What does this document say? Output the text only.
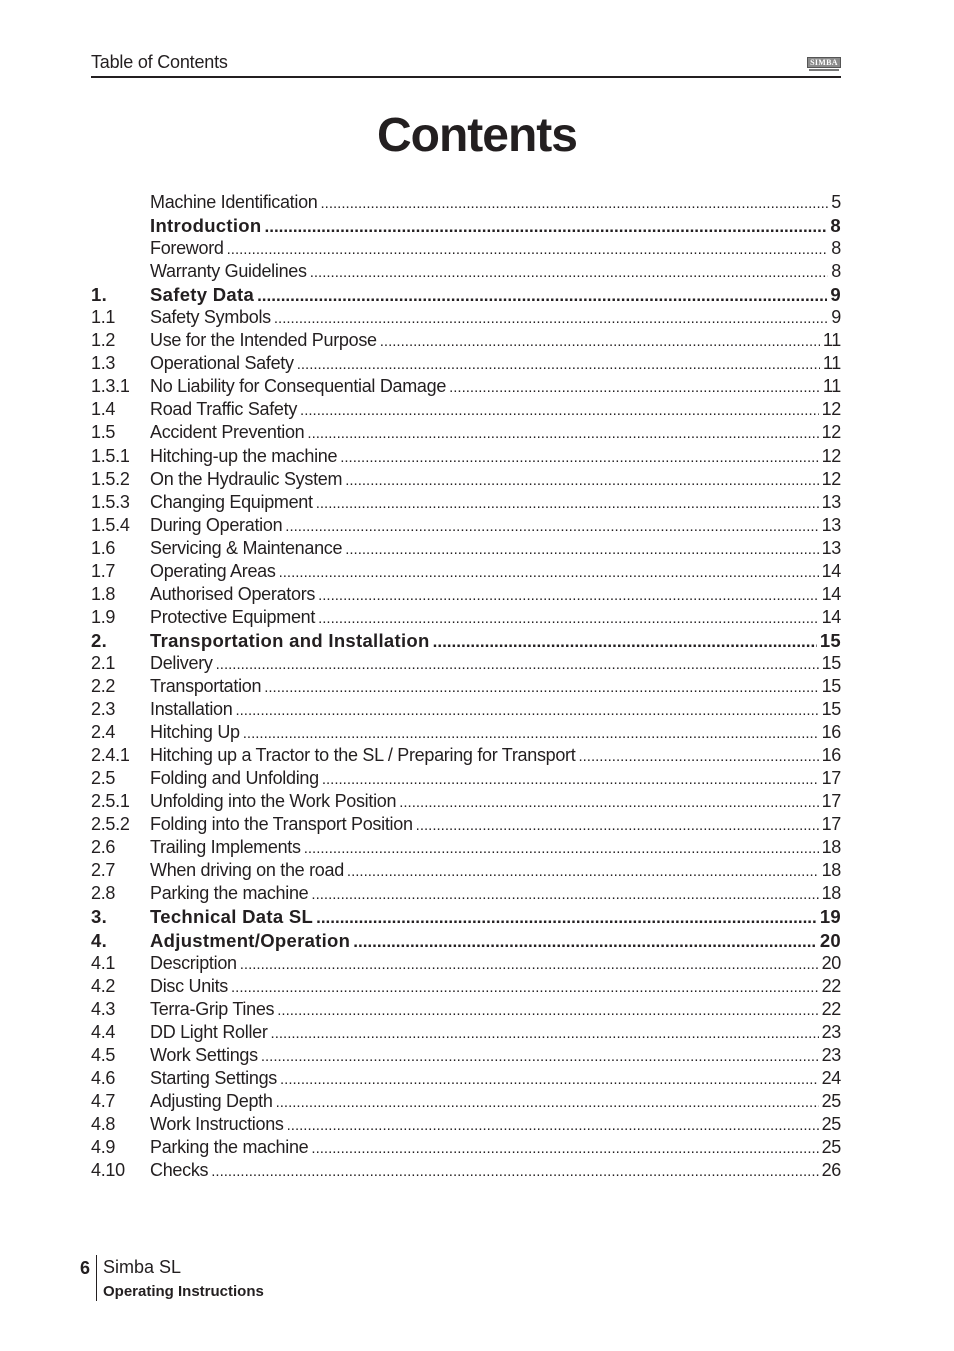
Table of Contents	SIMBA
Contents
Machine Identification .....	5
Introduction .....	8
Foreword .....	8
Warranty Guidelines .....	8
1.	Safety Data .....	9
1.1	Safety Symbols .....	9
1.2	Use for the Intended Purpose .....	11
1.3	Operational Safety .....	11
1.3.1	No Liability for Consequential Damage .....	11
1.4	Road Traffic Safety .....	12
1.5	Accident Prevention .....	12
1.5.1	Hitching-up the machine .....	12
1.5.2	On the Hydraulic System .....	12
1.5.3	Changing Equipment .....	13
1.5.4	During Operation .....	13
1.6	Servicing & Maintenance .....	13
1.7	Operating Areas .....	14
1.8	Authorised Operators .....	14
1.9	Protective Equipment .....	14
2.	Transportation and Installation .....	15
2.1	Delivery .....	15
2.2	Transportation .....	15
2.3	Installation .....	15
2.4	Hitching Up .....	16
2.4.1	Hitching up a Tractor to the SL / Preparing for Transport .....	16
2.5	Folding and Unfolding .....	17
2.5.1	Unfolding into the Work Position .....	17
2.5.2	Folding into the Transport Position .....	17
2.6	Trailing Implements .....	18
2.7	When driving on the road .....	18
2.8	Parking the machine .....	18
3.	Technical Data SL .....	19
4.	Adjustment/Operation .....	20
4.1	Description .....	20
4.2	Disc Units .....	22
4.3	Terra-Grip Tines .....	22
4.4	DD Light Roller .....	23
4.5	Work Settings .....	23
4.6	Starting Settings .....	24
4.7	Adjusting Depth .....	25
4.8	Work Instructions .....	25
4.9	Parking the machine .....	25
4.10	Checks .....	26
6 Simba SL
Operating Instructions
